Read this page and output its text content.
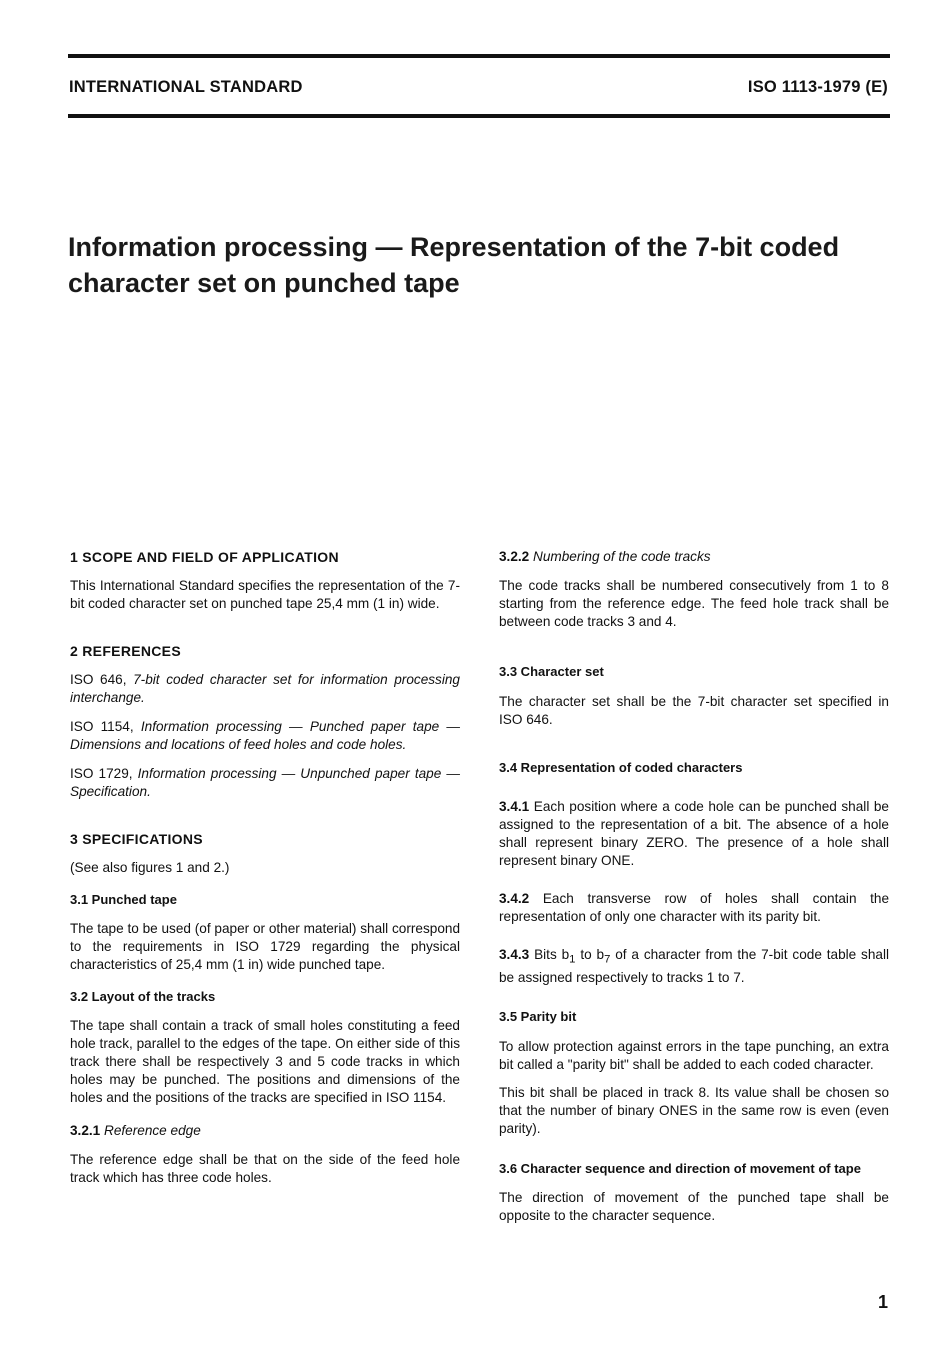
INTERNATIONAL STANDARD	ISO 1113-1979 (E)
Information processing — Representation of the 7-bit coded
character set on punched tape
1 SCOPE AND FIELD OF APPLICATION

This International Standard specifies the representation of the 7-bit coded character set on punched tape 25,4 mm (1 in) wide.

2 REFERENCES

ISO 646, 7-bit coded character set for information processing interchange.

ISO 1154, Information processing — Punched paper tape — Dimensions and locations of feed holes and code holes.

ISO 1729, Information processing — Unpunched paper tape — Specification.

3 SPECIFICATIONS

(See also figures 1 and 2.)

3.1 Punched tape

The tape to be used (of paper or other material) shall correspond to the requirements in ISO 1729 regarding the physical characteristics of 25,4 mm (1 in) wide punched tape.

3.2 Layout of the tracks

The tape shall contain a track of small holes constituting a feed hole track, parallel to the edges of the tape. On either side of this track there shall be respectively 3 and 5 code tracks in which holes may be punched. The positions and dimensions of the holes and the positions of the tracks are specified in ISO 1154.

3.2.1 Reference edge

The reference edge shall be that on the side of the feed hole track which has three code holes.

3.2.2 Numbering of the code tracks

The code tracks shall be numbered consecutively from 1 to 8 starting from the reference edge. The feed hole track shall be between code tracks 3 and 4.

3.3 Character set

The character set shall be the 7-bit character set specified in ISO 646.

3.4 Representation of coded characters

3.4.1 Each position where a code hole can be punched shall be assigned to the representation of a bit. The absence of a hole shall represent binary ZERO. The presence of a hole shall represent binary ONE.

3.4.2 Each transverse row of holes shall contain the representation of only one character with its parity bit.

3.4.3 Bits $b_1$ to $b_7$ of a character from the 7-bit code table shall be assigned respectively to tracks 1 to 7.

3.5 Parity bit

To allow protection against errors in the tape punching, an extra bit called a "parity bit" shall be added to each coded character.

This bit shall be placed in track 8. Its value shall be chosen so that the number of binary ONES in the same row is even (even parity).

3.6 Character sequence and direction of movement of tape

The direction of movement of the punched tape shall be opposite to the character sequence.

1
